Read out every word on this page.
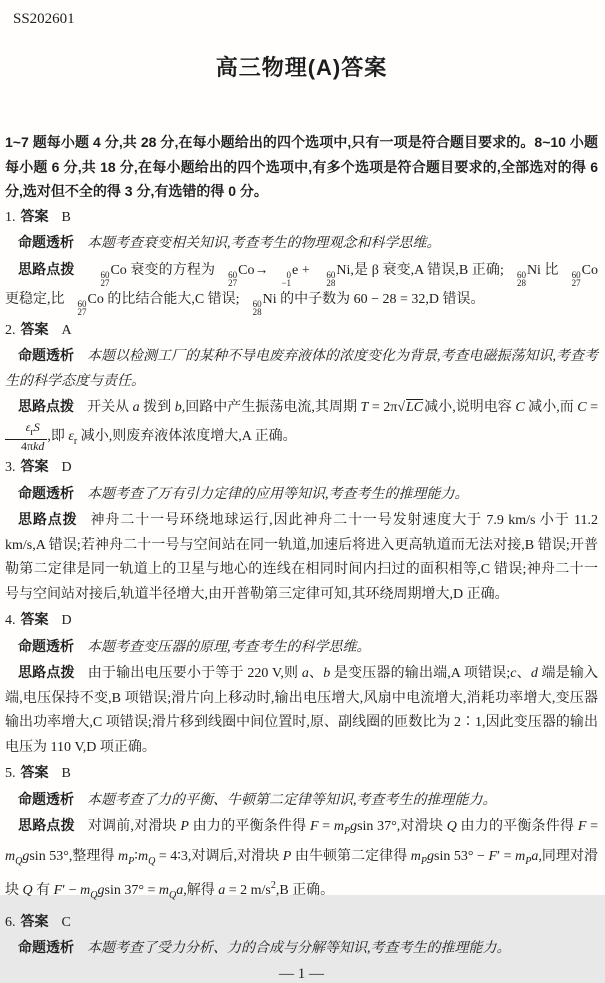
SS202601
高三物理(A)答案

1~7 题每小题 4 分,共 28 分,在每小题给出的四个选项中,只有一项是符合题目要求的。8~10 小题每小题 6 分,共 18 分,在每小题给出的四个选项中,有多个选项是符合题目要求的,全部选对的得 6 分,选对但不全的得 3 分,有选错的得 0 分。

1. 答案 B

命题透析 本题考查衰变相关知识,考查考生的物理观念和科学思维。

思路点拨	60
27
Co 衰变的方程为	60
27
Co→	0
−1
e +	60
28
Ni,是 β 衰变,A 错误,B 正确;	60
28
Ni 比	60
27
Co 更稳定,比	60
27
Co 的比结合能大,C 错误;	60
28
Ni 的中子数为 60 − 28 = 32,D 错误。

2. 答案 A

命题透析 本题以检测工厂的某种不导电废弃液体的浓度变化为背景,考查电磁振荡知识,考查考生的科学态度与责任。

思路点拨 开关从 a 拨到 b,回路中产生振荡电流,其周期 T = 2π√LC减小,说明电容 C 减小,而 C =
$\frac{\varepsilon_rS}{\text{4πkd}}$ ,即 $\varepsilon_r$ 减小,则废弃液体浓度增大,A 正确。

3. 答案 D

命题透析 本题考查了万有引力定律的应用等知识,考查考生的推理能力。

思路点拨 神舟二十一号环绕地球运行,因此神舟二十一号发射速度大于 7.9 km/s 小于 11.2 km/s,A 错误;若神舟二十一号与空间站在同一轨道,加速后将进入更高轨道而无法对接,B 错误;开普勒第二定律是同一轨道上的卫星与地心的连线在相同时间内扫过的面积相等,C 错误;神舟二十一号与空间站对接后,轨道半径增大,由开普勒第三定律可知,其环绕周期增大,D 正确。

4. 答案 D

命题透析 本题考查变压器的原理,考查考生的科学思维。

思路点拨 由于输出电压要小于等于 220 V,则 a、b 是变压器的输出端,A 项错误;c、d 端是输入端,电压保持不变,B 项错误;滑片向上移动时,输出电压增大,风扇中电流增大,消耗功率增大,变压器输出功率增大,C 项错误;滑片移到线圈中间位置时,原、副线圈的匝数比为 2∶1,因此变压器的输出电压为 110 V,D 项正确。

5. 答案 B

命题透析 本题考查了力的平衡、牛顿第二定律等知识,考查考生的推理能力。

思路点拨 对调前,对滑块 P 由力的平衡条件得 $F = m_Pgsin$ 37°,对滑块 Q 由力的平衡条件得 $F = m_Qgsin$ 53°,整理得 $m_P∶m_Q$ = 4∶3,对调后,对滑块 P 由牛顿第二定律得 $m_Pgsin$ $53^\circ - F' = m_Pa$,同理对滑块 Q 有 $F' - m_Qgsin$ $37^\circ = m_Qa$,解得 a = 2 $m/s^2,B$ 正确。

6. 答案 C

命题透析 本题考查了受力分析、力的合成与分解等知识,考查考生的推理能力。

— 1 —
